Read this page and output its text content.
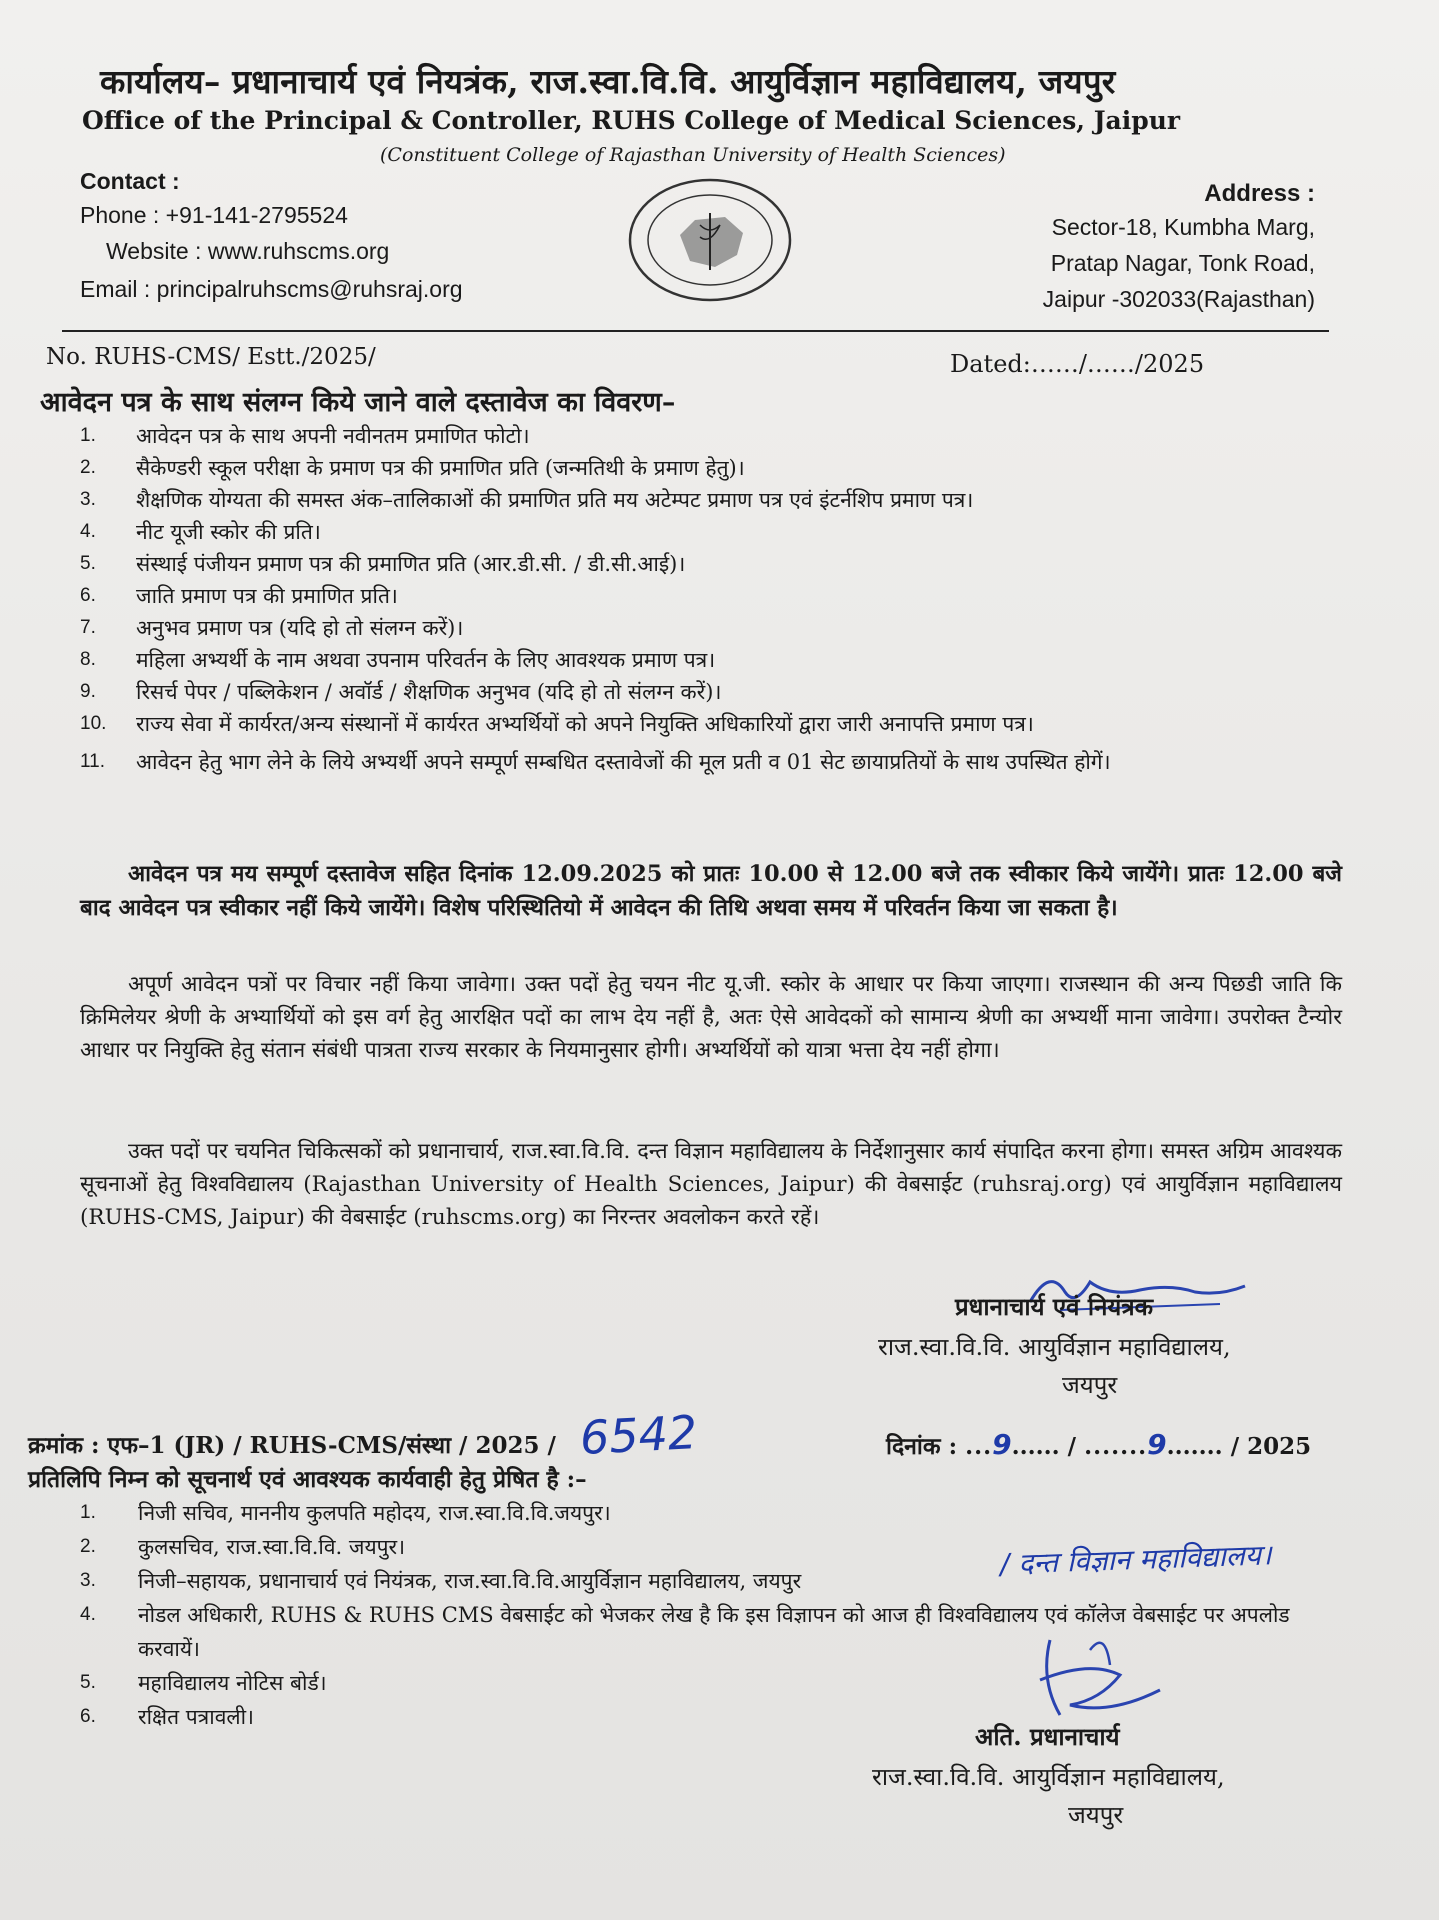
कार्यालय– प्रधानाचार्य एवं नियत्रंक, राज.स्वा.वि.वि. आयुर्विज्ञान महाविद्यालय, जयपुर
Office of the Principal & Controller, RUHS College of Medical Sciences, Jaipur
(Constituent College of Rajasthan University of Health Sciences)
Contact :
Phone : +91-141-2795524
Website : www.ruhscms.org
Email : principalruhscms@ruhsraj.org
Address :
Sector-18, Kumbha Marg,
Pratap Nagar, Tonk Road,
Jaipur -302033(Rajasthan)
No. RUHS-CMS/ Estt./2025/	Dated:……/……/2025
आवेदन पत्र के साथ संलग्न किये जाने वाले दस्तावेज का विवरण–
1.	आवेदन पत्र के साथ अपनी नवीनतम प्रमाणित फोटो।
2.	सैकेण्डरी स्कूल परीक्षा के प्रमाण पत्र की प्रमाणित प्रति (जन्मतिथी के प्रमाण हेतु)।
3.	शैक्षणिक योग्यता की समस्त अंक–तालिकाओं की प्रमाणित प्रति मय अटेम्पट प्रमाण पत्र एवं इंटर्नशिप प्रमाण पत्र।
4.	नीट यूजी स्कोर की प्रति।
5.	संस्थाई पंजीयन प्रमाण पत्र की प्रमाणित प्रति (आर.डी.सी. / डी.सी.आई)।
6.	जाति प्रमाण पत्र की प्रमाणित प्रति।
7.	अनुभव प्रमाण पत्र (यदि हो तो संलग्न करें)।
8.	महिला अभ्यर्थी के नाम अथवा उपनाम परिवर्तन के लिए आवश्यक प्रमाण पत्र।
9.	रिसर्च पेपर / पब्लिकेशन / अवॉर्ड / शैक्षणिक अनुभव (यदि हो तो संलग्न करें)।
10.	राज्य सेवा में कार्यरत/अन्य संस्थानों में कार्यरत अभ्यर्थियों को अपने नियुक्ति अधिकारियों द्वारा जारी अनापत्ति प्रमाण पत्र।
11.	आवेदन हेतु भाग लेने के लिये अभ्यर्थी अपने सम्पूर्ण सम्बधित दस्तावेजों की मूल प्रती व 01 सेट छायाप्रतियों के साथ उपस्थित होगें।
आवेदन पत्र मय सम्पूर्ण दस्तावेज सहित दिनांक 12.09.2025 को प्रातः 10.00 से 12.00 बजे तक स्वीकार किये जायेंगे। प्रातः 12.00 बजे बाद आवेदन पत्र स्वीकार नहीं किये जायेंगे। विशेष परिस्थितियो में आवेदन की तिथि अथवा समय में परिवर्तन किया जा सकता है।
अपूर्ण आवेदन पत्रों पर विचार नहीं किया जावेगा। उक्त पदों हेतु चयन नीट यू.जी. स्कोर के आधार पर किया जाएगा। राजस्थान की अन्य पिछडी जाति कि क्रिमिलेयर श्रेणी के अभ्यार्थियों को इस वर्ग हेतु आरक्षित पदों का लाभ देय नहीं है, अतः ऐसे आवेदकों को सामान्य श्रेणी का अभ्यर्थी माना जावेगा। उपरोक्त टैन्योर आधार पर नियुक्ति हेतु संतान संबंधी पात्रता राज्य सरकार के नियमानुसार होगी। अभ्यर्थियों को यात्रा भत्ता देय नहीं होगा।
उक्त पदों पर चयनित चिकित्सकों को प्रधानाचार्य, राज.स्वा.वि.वि. दन्त विज्ञान महाविद्यालय के निर्देशानुसार कार्य संपादित करना होगा। समस्त अग्रिम आवश्यक सूचनाओं हेतु विश्वविद्यालय (Rajasthan University of Health Sciences, Jaipur) की वेबसाईट (ruhsraj.org) एवं आयुर्विज्ञान महाविद्यालय (RUHS-CMS, Jaipur) की वेबसाईट (ruhscms.org) का निरन्तर अवलोकन करते रहें।
प्रधानाचार्य एवं नियंत्रक
राज.स्वा.वि.वि. आयुर्विज्ञान महाविद्यालय,
जयपुर
क्रमांक : एफ–1 (JR) / RUHS-CMS/संस्था / 2025 / 6542	दिनांक : ...9...... / .......9....... / 2025
प्रतिलिपि निम्न को सूचनार्थ एवं आवश्यक कार्यवाही हेतु प्रेषित है :–
1.	निजी सचिव, माननीय कुलपति महोदय, राज.स्वा.वि.वि.जयपुर।
2.	कुलसचिव, राज.स्वा.वि.वि. जयपुर।
3.	निजी–सहायक, प्रधानाचार्य एवं नियंत्रक, राज.स्वा.वि.वि.आयुर्विज्ञान महाविद्यालय, जयपुर
4.	नोडल अधिकारी, RUHS & RUHS CMS वेबसाईट को भेजकर लेख है कि इस विज्ञापन को आज ही विश्वविद्यालय एवं कॉलेज वेबसाईट पर अपलोड करवायें।
5.	महाविद्यालय नोटिस बोर्ड।
6.	रक्षित पत्रावली।
/ दन्त विज्ञान महाविद्यालय।
अति. प्रधानाचार्य
राज.स्वा.वि.वि. आयुर्विज्ञान महाविद्यालय,
जयपुर
